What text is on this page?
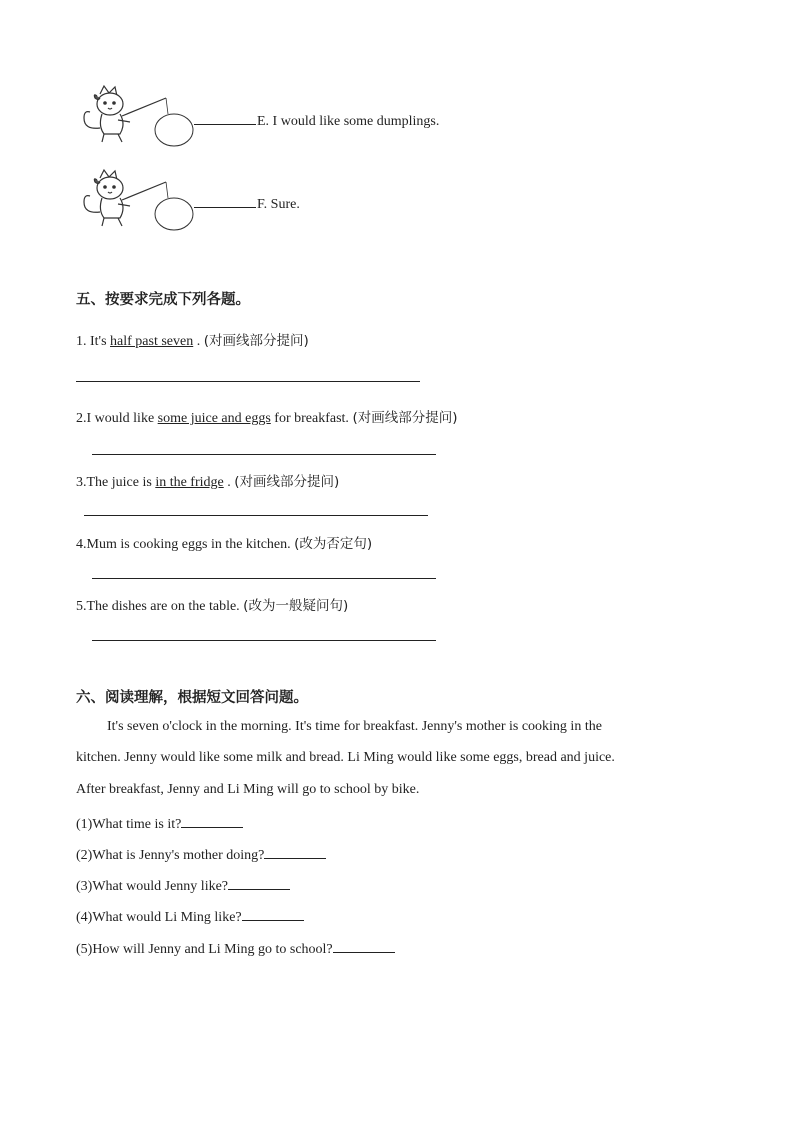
E. I would like some dumplings.
F. Sure.
五、按要求完成下列各题。
1. It's half past seven . (对画线部分提问)
2.I would like some juice and eggs for breakfast. (对画线部分提问)
3.The juice is in the fridge . (对画线部分提问)
4.Mum is cooking eggs in the kitchen. (改为否定句)
5.The dishes are on the table. (改为一般疑问句)
六、阅读理解，根据短文回答问题。
It's seven o'clock in the morning. It's time for breakfast. Jenny's mother is cooking in the
kitchen. Jenny would like some milk and bread. Li Ming would like some eggs, bread and juice.
After breakfast, Jenny and Li Ming will go to school by bike.
(1)What time is it?
(2)What is Jenny's mother doing?
(3)What would Jenny like?
(4)What would Li Ming like?
(5)How will Jenny and Li Ming go to school?
